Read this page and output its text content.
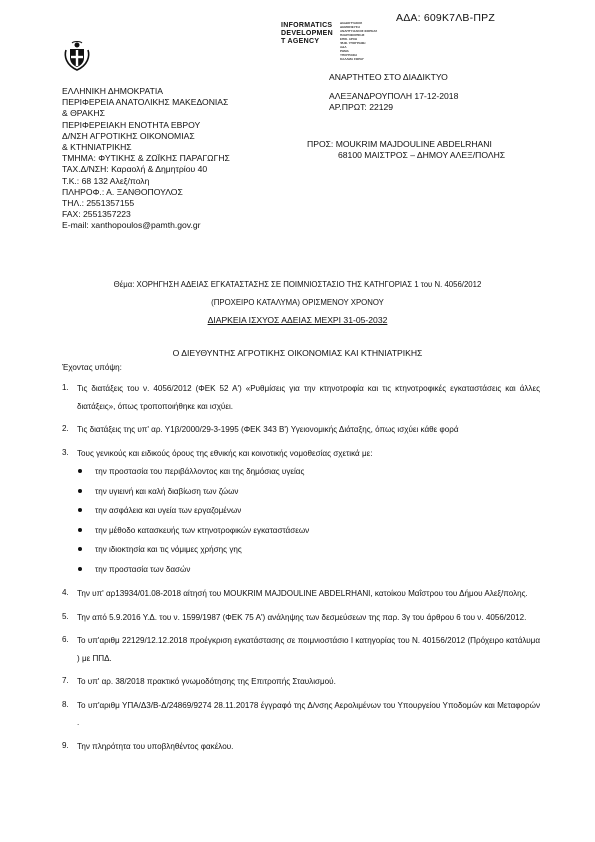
ΑΔΑ: 609Κ7ΛΒ-ΠΡΖ
INFORMATICS
DEVELOPMEN
T AGENCY
ΔΙΑΔΙΚΤΥΑΚΟΣ
ΔΗΜΟΣΙΕΥΣΗ
ΑΝΑΠΤΥΞΙΑΚΟΣ ΦΟΡΕΑΣ
ΠΛΗΡΟΦΟΡΙΚΗΣ
ΕΠΙΚ. ΑΡΧΗ
ΨΗΦ. ΥΠΟΓΡΑΦΗ
ΑΔΑ
ΡΗΜΑ
ΥΠΟΓΡΑΦΗ
ΚΑΛΑΜΑ ΣΦΡΑΓ
ΕΛΛΗΝΙΚΗ ΔΗΜΟΚΡΑΤΙΑ
ΠΕΡΙΦΕΡΕΙΑ ΑΝΑΤΟΛΙΚΗΣ ΜΑΚΕΔΟΝΙΑΣ
& ΘΡΑΚΗΣ
ΠΕΡΙΦΕΡΕΙΑΚΗ ΕΝΟΤΗΤΑ ΕΒΡΟΥ
Δ/ΝΣΗ ΑΓΡΟΤΙΚΗΣ ΟΙΚΟΝΟΜΙΑΣ
& ΚΤΗΝΙΑΤΡΙΚΗΣ
ΤΜΗΜΑ: ΦΥΤΙΚΗΣ & ΖΩΪΚΗΣ ΠΑΡΑΓΩΓΗΣ
ΤΑΧ.Δ/ΝΣΗ: Καραολή & Δημητρίου 40
Τ.Κ.: 68 132 Αλεξ/πολη
ΠΛΗΡΟΦ.: Α. ΞΑΝΘΟΠΟΥΛΟΣ
ΤΗΛ.: 2551357155
FAX: 2551357223
E-mail: xanthopoulos@pamth.gov.gr
ΑΝΑΡΤΗΤΕΟ ΣΤΟ ΔΙΑΔΙΚΤΥΟ
ΑΛΕΞΑΝΔΡΟΥΠΟΛΗ 17-12-2018
ΑΡ.ΠΡΩΤ: 22129
ΠΡΟΣ: MOUKRIM MAJDOULINE ABDELRHANI
68100 ΜΑΙΣΤΡΟΣ – ΔΗΜΟΥ ΑΛΕΞ/ΠΟΛΗΣ
Θέμα: ΧΟΡΗΓΗΣΗ ΑΔΕΙΑΣ ΕΓΚΑΤΑΣΤΑΣΗΣ ΣΕ ΠΟΙΜΝΙΟΣΤΑΣΙΟ ΤΗΣ ΚΑΤΗΓΟΡΙΑΣ 1 του Ν. 4056/2012
(ΠΡΟΧΕΙΡΟ ΚΑΤΑΛΥΜΑ) ΟΡΙΣΜΕΝΟΥ ΧΡΟΝΟΥ
ΔΙΑΡΚΕΙΑ ΙΣΧΥΟΣ ΑΔΕΙΑΣ ΜΕΧΡΙ 31-05-2032
Ο ΔΙΕΥΘΥΝΤΗΣ ΑΓΡΟΤΙΚΗΣ ΟΙΚΟΝΟΜΙΑΣ ΚΑΙ ΚΤΗΝΙΑΤΡΙΚΗΣ
Έχοντας υπόψη:
1.	Τις διατάξεις του ν. 4056/2012 (ΦΕΚ 52 Α') «Ρυθμίσεις για την κτηνοτροφία και τις κτηνοτροφικές εγκαταστάσεις και άλλες διατάξεις», όπως τροποποιήθηκε και ισχύει.
2.	Τις διατάξεις της υπ' αρ. Υ1β/2000/29-3-1995 (ΦΕΚ 343 Β') Υγειονομικής Διάταξης, όπως ισχύει κάθε φορά
3.	Τους γενικούς και ειδικούς όρους της εθνικής και κοινοτικής νομοθεσίας σχετικά με:
την προστασία του περιβάλλοντος και της δημόσιας υγείας
την υγιεινή και καλή διαβίωση των ζώων
την ασφάλεια και υγεία των εργαζομένων
την μέθοδο κατασκευής των κτηνοτροφικών εγκαταστάσεων
την ιδιοκτησία και τις νόμιμες χρήσης γης
την προστασία των δασών
4.	Την υπ' αρ13934/01.08-2018 αίτησή του MOUKRIM MAJDOULINE ABDELRHANI, κατοίκου Μαΐστρου του Δήμου Αλεξ/πολης.
5.	Την από 5.9.2016 Υ.Δ. του ν. 1599/1987 (ΦΕΚ 75 Α') ανάληψης των δεσμεύσεων της παρ. 3γ του άρθρου 6 του ν. 4056/2012.
6.	Το υπ'αριθμ 22129/12.12.2018 προέγκριση εγκατάστασης σε ποιμνιοστάσιο Ι κατηγορίας του Ν. 40156/2012 (Πρόχειρο κατάλυμα ) με ΠΠΔ.
7.	Το υπ' αρ. 38/2018 πρακτικό γνωμοδότησης της Επιτροπής Σταυλισμού.
8.	Το υπ'αριθμ ΥΠΑ/Δ3/Β-Δ/24869/9274 28.11.20178 έγγραφό της Δ/νσης Αερολιμένων του Υπουργείου Υποδομών και Μεταφορών .
9.	Την πληρότητα του υποβληθέντος φακέλου.
